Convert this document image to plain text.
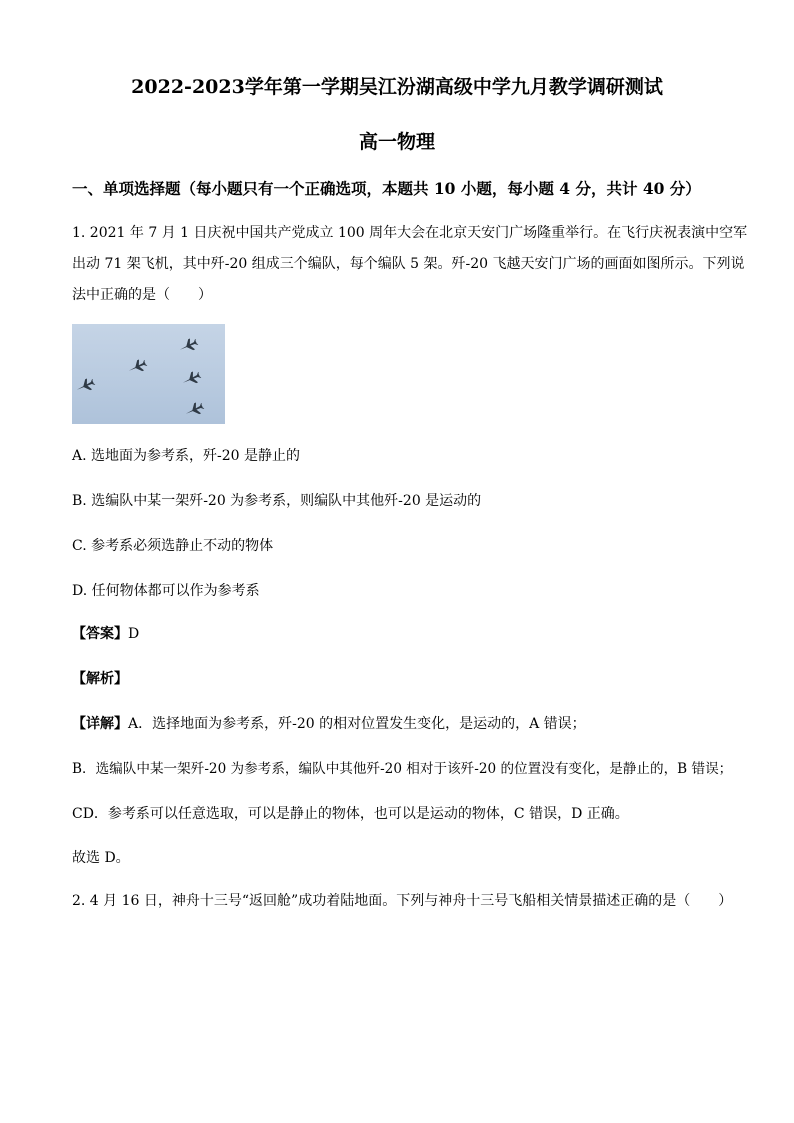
2022-2023学年第一学期吴江汾湖高级中学九月教学调研测试
高一物理
一、单项选择题（每小题只有一个正确选项，本题共 10 小题，每小题 4 分，共计 40 分）
1. 2021 年 7 月 1 日庆祝中国共产党成立 100 周年大会在北京天安门广场隆重举行。在飞行庆祝表演中空军
出动 71 架飞机，其中歼-20 组成三个编队，每个编队 5 架。歼-20 飞越天安门广场的画面如图所示。下列说
法中正确的是（　　）
A. 选地面为参考系，歼-20 是静止的
B. 选编队中某一架歼-20 为参考系，则编队中其他歼-20 是运动的
C. 参考系必须选静止不动的物体
D. 任何物体都可以作为参考系
【答案】D
【解析】
【详解】A．选择地面为参考系，歼-20 的相对位置发生变化，是运动的，A 错误；
B．选编队中某一架歼-20 为参考系，编队中其他歼-20 相对于该歼-20 的位置没有变化，是静止的，B 错误；
CD．参考系可以任意选取，可以是静止的物体，也可以是运动的物体，C 错误，D 正确。
故选 D。
2. 4 月 16 日，神舟十三号“返回舱”成功着陆地面。下列与神舟十三号飞船相关情景描述正确的是（　　）
